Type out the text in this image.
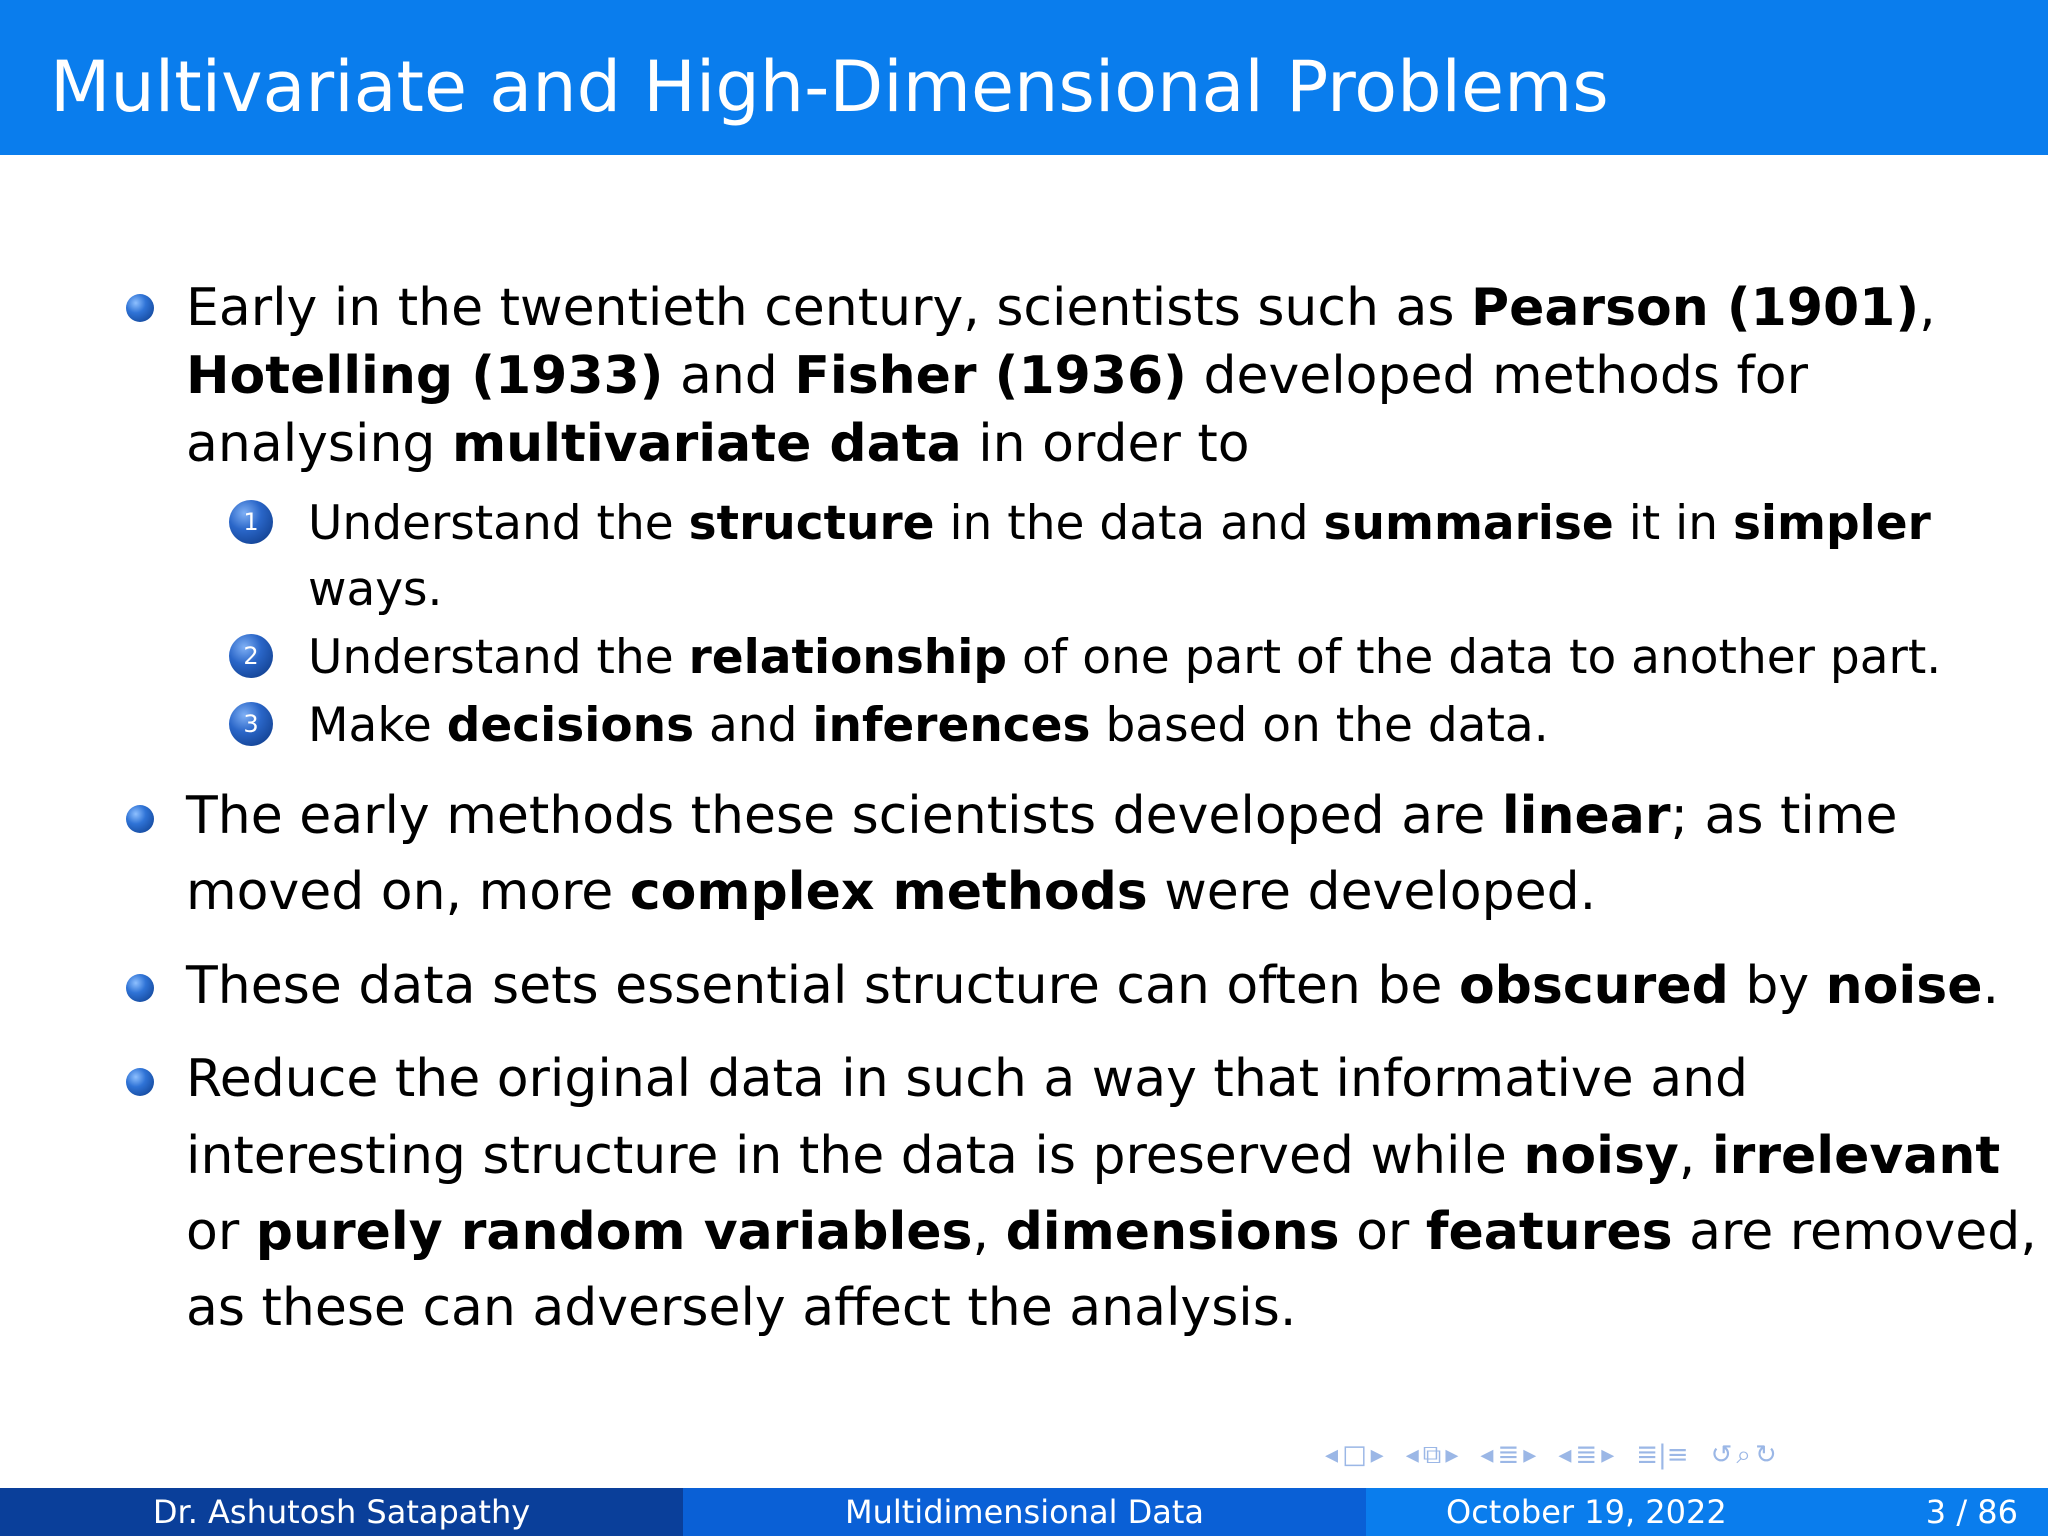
Multivariate and High-Dimensional Problems

Early in the twentieth century, scientists such as Pearson (1901),

Hotelling (1933) and Fisher (1936) developed methods for

analysing multivariate data in order to

1	Understand the structure in the data and summarise it in simpler

ways.

2	Understand the relationship of one part of the data to another part.

3	Make decisions and inferences based on the data.

The early methods these scientists developed are linear; as time

moved on, more complex methods were developed.

These data sets essential structure can often be obscured by noise.

Reduce the original data in such a way that informative and

interesting structure in the data is preserved while noisy, irrelevant

or purely random variables, dimensions or features are removed,

as these can adversely affect the analysis.

◂ □ ▸ ◂ ⧉ ▸ ◂ ≣ ▸ ◂ ≣ ▸ ≣|≡ ↺ ⌕ ↻
Dr. Ashutosh Satapathy	Multidimensional Data	October 19, 2022	3 / 86
